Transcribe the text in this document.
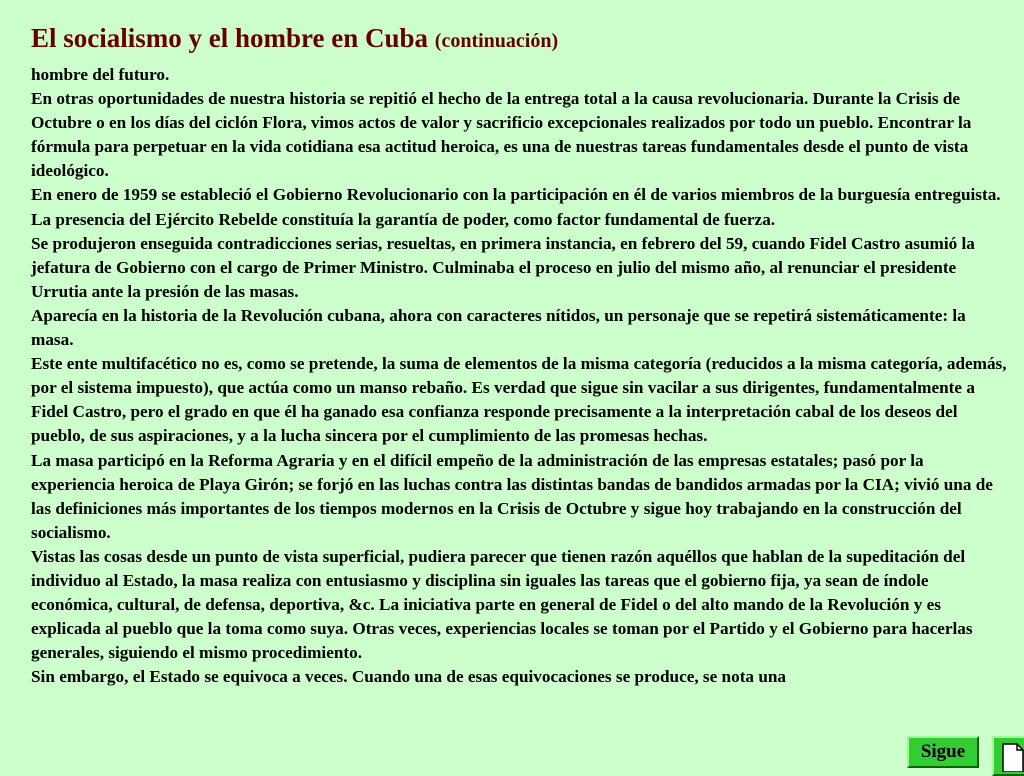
El socialismo y el hombre en Cuba (continuación)

hombre del futuro.

En otras oportunidades de nuestra historia se repitió el hecho de la entrega total a la causa revolucionaria. Durante la Crisis de Octubre o en los días del ciclón Flora, vimos actos de valor y sacrificio excepcionales realizados por todo un pueblo. Encontrar la fórmula para perpetuar en la vida cotidiana esa actitud heroica, es una de nuestras tareas fundamentales desde el punto de vista ideológico.

En enero de 1959 se estableció el Gobierno Revolucionario con la participación en él de varios miembros de la burguesía entreguista. La presencia del Ejército Rebelde constituía la garantía de poder, como factor fundamental de fuerza.

Se produjeron enseguida contradicciones serias, resueltas, en primera instancia, en febrero del 59, cuando Fidel Castro asumió la jefatura de Gobierno con el cargo de Primer Ministro. Culminaba el proceso en julio del mismo año, al renunciar el presidente Urrutia ante la presión de las masas.

Aparecía en la historia de la Revolución cubana, ahora con caracteres nítidos, un personaje que se repetirá sistemáticamente: la masa.

Este ente multifacético no es, como se pretende, la suma de elementos de la misma categoría (reducidos a la misma categoría, además, por el sistema impuesto), que actúa como un manso rebaño. Es verdad que sigue sin vacilar a sus dirigentes, fundamentalmente a Fidel Castro, pero el grado en que él ha ganado esa confianza responde precisamente a la interpretación cabal de los deseos del pueblo, de sus aspiraciones, y a la lucha sincera por el cumplimiento de las promesas hechas.

La masa participó en la Reforma Agraria y en el difícil empeño de la administración de las empresas estatales; pasó por la experiencia heroica de Playa Girón; se forjó en las luchas contra las distintas bandas de bandidos armadas por la CIA; vivió una de las definiciones más importantes de los tiempos modernos en la Crisis de Octubre y sigue hoy trabajando en la construcción del socialismo.

Vistas las cosas desde un punto de vista superficial, pudiera parecer que tienen razón aquéllos que hablan de la supeditación del individuo al Estado, la masa realiza con entusiasmo y disciplina sin iguales las tareas que el gobierno fija, ya sean de índole económica, cultural, de defensa, deportiva, &c. La iniciativa parte en general de Fidel o del alto mando de la Revolución y es explicada al pueblo que la toma como suya. Otras veces, experiencias locales se toman por el Partido y el Gobierno para hacerlas generales, siguiendo el mismo procedimiento.

Sin embargo, el Estado se equivoca a veces. Cuando una de esas equivocaciones se produce, se nota una

Sigue
